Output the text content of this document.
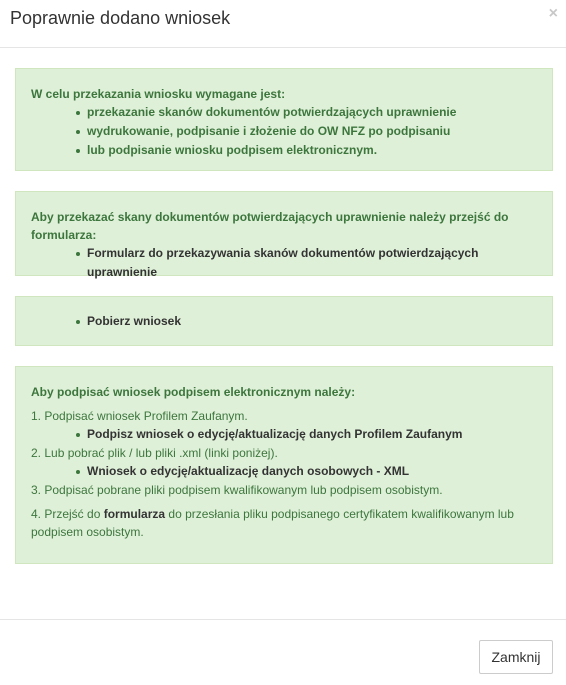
Poprawnie dodano wniosek	×

W celu przekazania wniosku wymagane jest:

przekazanie skanów dokumentów potwierdzających uprawnienie
wydrukowanie, podpisanie i złożenie do OW NFZ po podpisaniu
lub podpisanie wniosku podpisem elektronicznym.

Aby przekazać skany dokumentów potwierdzających uprawnienie należy przejść do formularza:

Formularz do przekazywania skanów dokumentów potwierdzających uprawnienie
Pobierz wniosek

Aby podpisać wniosek podpisem elektronicznym należy:

1. Podpisać wniosek Profilem Zaufanym.
Podpisz wniosek o edycję/aktualizację danych Profilem Zaufanym
2. Lub pobrać plik / lub pliki .xml (linki poniżej).
Wniosek o edycję/aktualizację danych osobowych - XML
3. Podpisać pobrane pliki podpisem kwalifikowanym lub podpisem osobistym.
4. Przejść do formularza do przesłania pliku podpisanego certyfikatem kwalifikowanym lub
podpisem osobistym.
Zamknij
